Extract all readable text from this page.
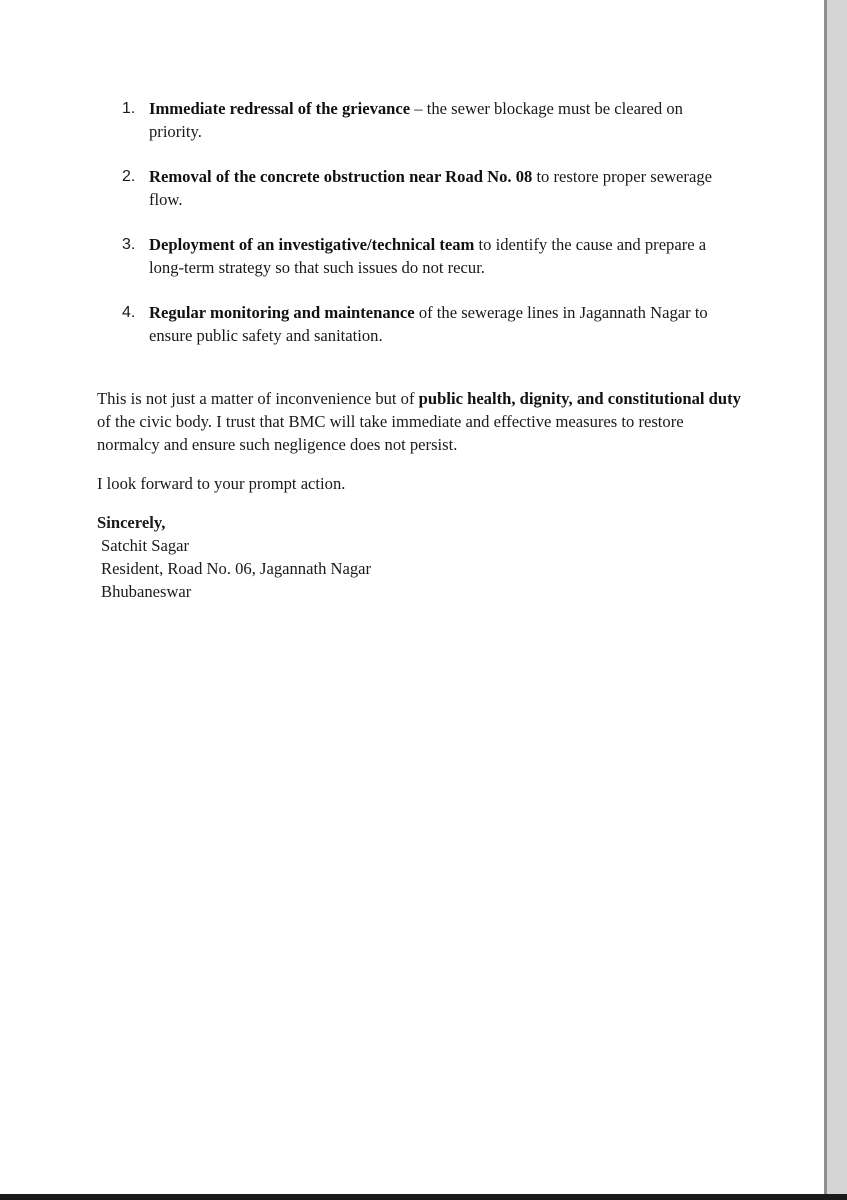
1. Immediate redressal of the grievance – the sewer blockage must be cleared on priority.
2. Removal of the concrete obstruction near Road No. 08 to restore proper sewerage flow.
3. Deployment of an investigative/technical team to identify the cause and prepare a long-term strategy so that such issues do not recur.
4. Regular monitoring and maintenance of the sewerage lines in Jagannath Nagar to ensure public safety and sanitation.

This is not just a matter of inconvenience but of public health, dignity, and constitutional duty of the civic body. I trust that BMC will take immediate and effective measures to restore normalcy and ensure such negligence does not persist.

I look forward to your prompt action.

Sincerely,
Satchit Sagar
Resident, Road No. 06, Jagannath Nagar
Bhubaneswar
